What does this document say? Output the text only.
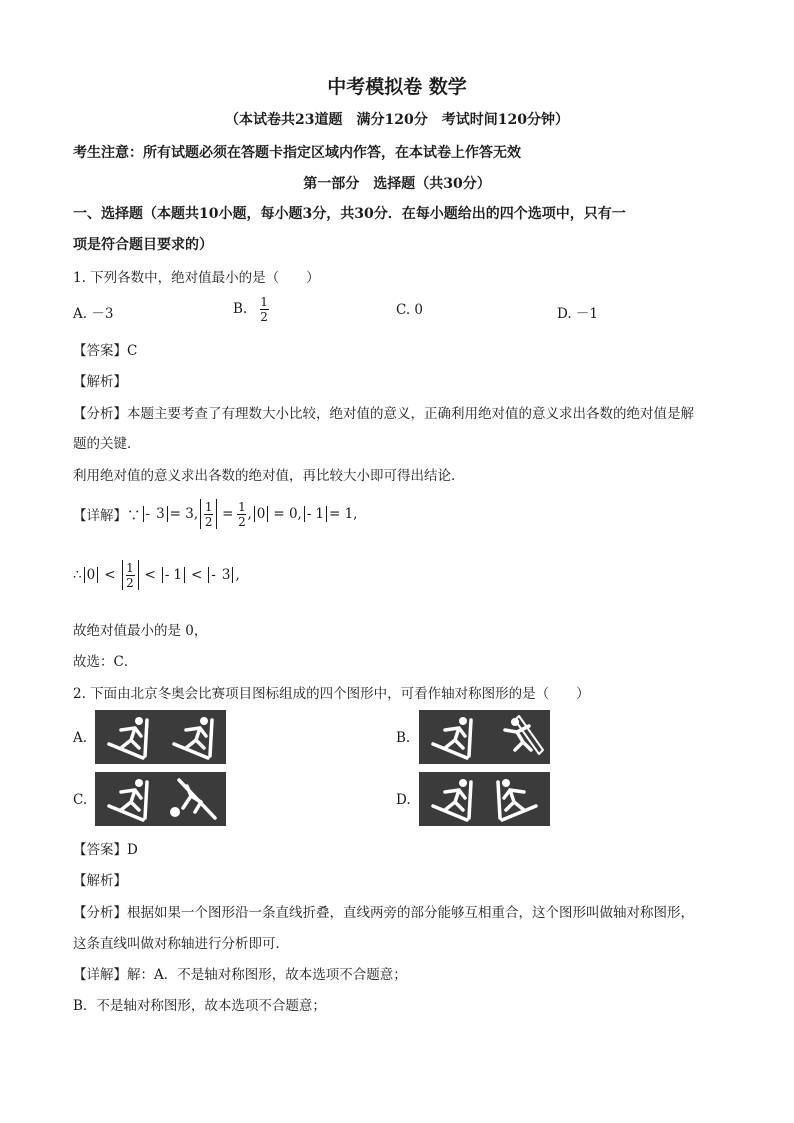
中考模拟卷 数学
（本试卷共23道题　满分120分　考试时间120分钟）
考生注意：所有试题必须在答题卡指定区域内作答，在本试卷上作答无效
第一部分　选择题（共30分）
一、选择题（本题共10小题，每小题3分，共30分．在每小题给出的四个选项中，只有一
项是符合题目要求的）
1. 下列各数中，绝对值最小的是（　　）
A. －3	B. $\frac{1}{2}$	C. 0	D. －1
【答案】C
【解析】
【分析】本题主要考查了有理数大小比较，绝对值的意义，正确利用绝对值的意义求出各数的绝对值是解
题的关键．
利用绝对值的意义求出各数的绝对值，再比较大小即可得出结论．
【详解】∵ - 3 = 3, $\frac{1}{2} = \frac{1}{2}$ , 0 = 0, - 1 = 1,
∴ $0 < \frac{1}{2}$ < - 1 < - 3 ,
故绝对值最小的是 0，
故选：C．
2. 下面由北京冬奥会比赛项目图标组成的四个图形中，可看作轴对称图形的是（　　）
A.	B.
C.	D.
【答案】D
【解析】
【分析】根据如果一个图形沿一条直线折叠，直线两旁的部分能够互相重合，这个图形叫做轴对称图形，
这条直线叫做对称轴进行分析即可．
【详解】解：A．不是轴对称图形，故本选项不合题意；
B．不是轴对称图形，故本选项不合题意；
